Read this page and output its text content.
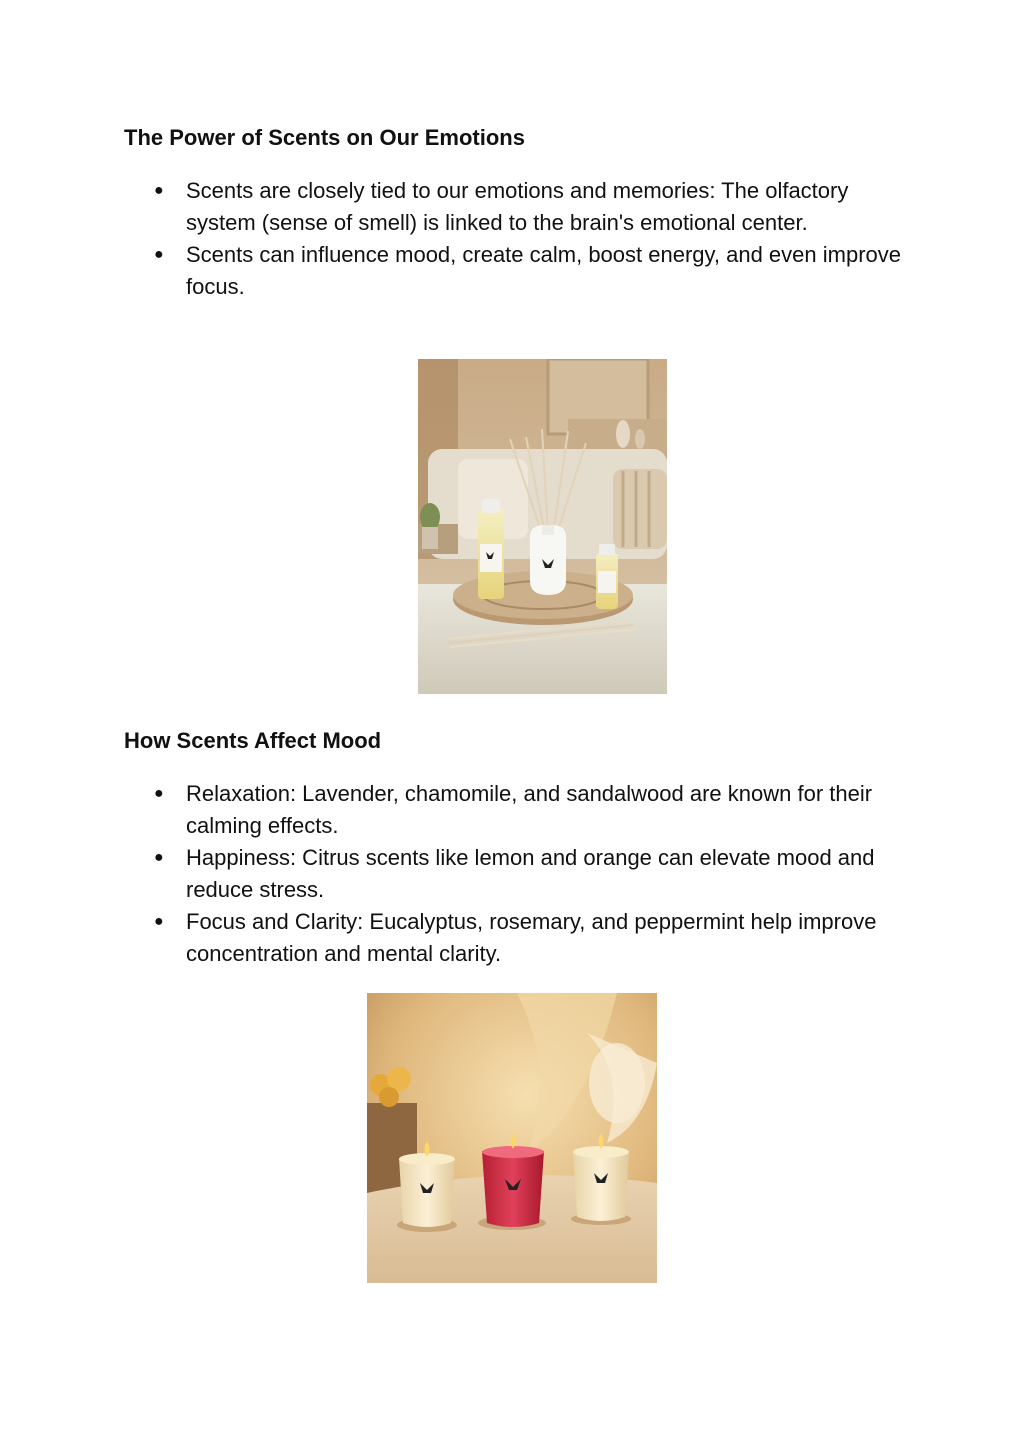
The Power of Scents on Our Emotions
● Scents are closely tied to our emotions and memories: The olfactory system (sense of smell) is linked to the brain's emotional center.
● Scents can influence mood, create calm, boost energy, and even improve focus.
How Scents Affect Mood
● Relaxation: Lavender, chamomile, and sandalwood are known for their calming effects.
● Happiness: Citrus scents like lemon and orange can elevate mood and reduce stress.
● Focus and Clarity: Eucalyptus, rosemary, and peppermint help improve concentration and mental clarity.
